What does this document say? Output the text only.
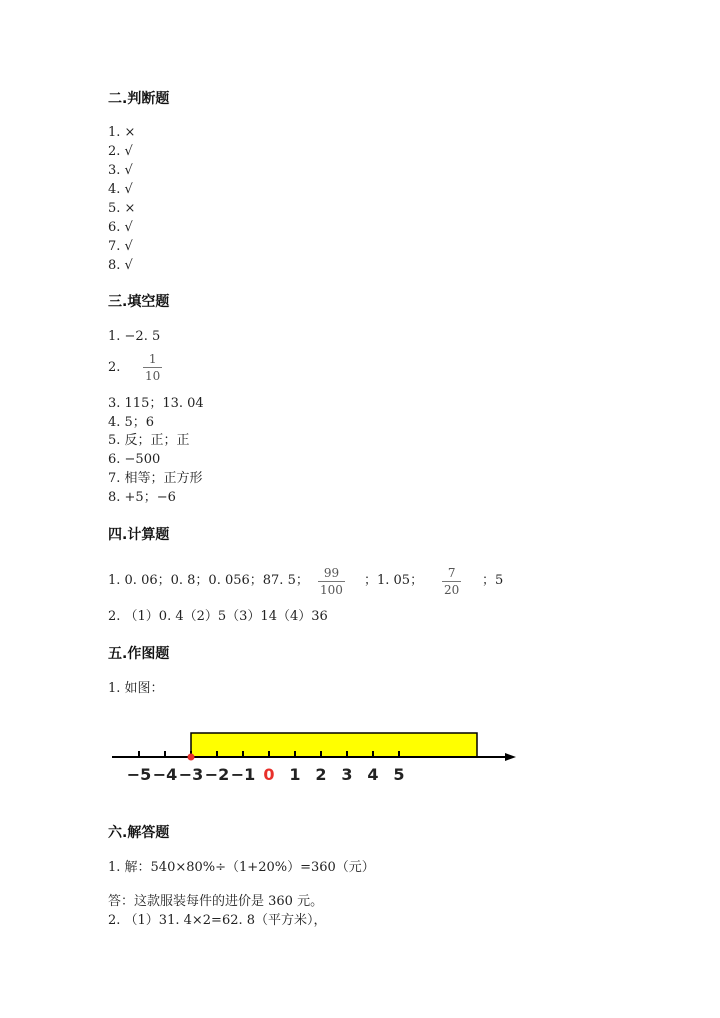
二.判断题
1. ×
2. √
3. √
4. √
5. ×
6. √
7. √
8. √
三.填空题
1. −2. 5
2.
1
10
3. 115；13. 04
4. 5；6
5. 反；正；正
6. −500
7. 相等；正方形
8. +5；−6
四.计算题
1. 0. 06；0. 8；0. 056；87. 5； 99
100
；1. 05； 7
20
；5
2. （1）0. 4（2）5（3）14（4）36
五.作图题
1. 如图：
−5 −4 −3 −2 −1 0 1 2 3 4 5
六.解答题
1. 解：540×80%÷（1+20%）=360（元）
答：这款服装每件的进价是 360 元。
2. （1）31. 4×2=62. 8（平方米），
